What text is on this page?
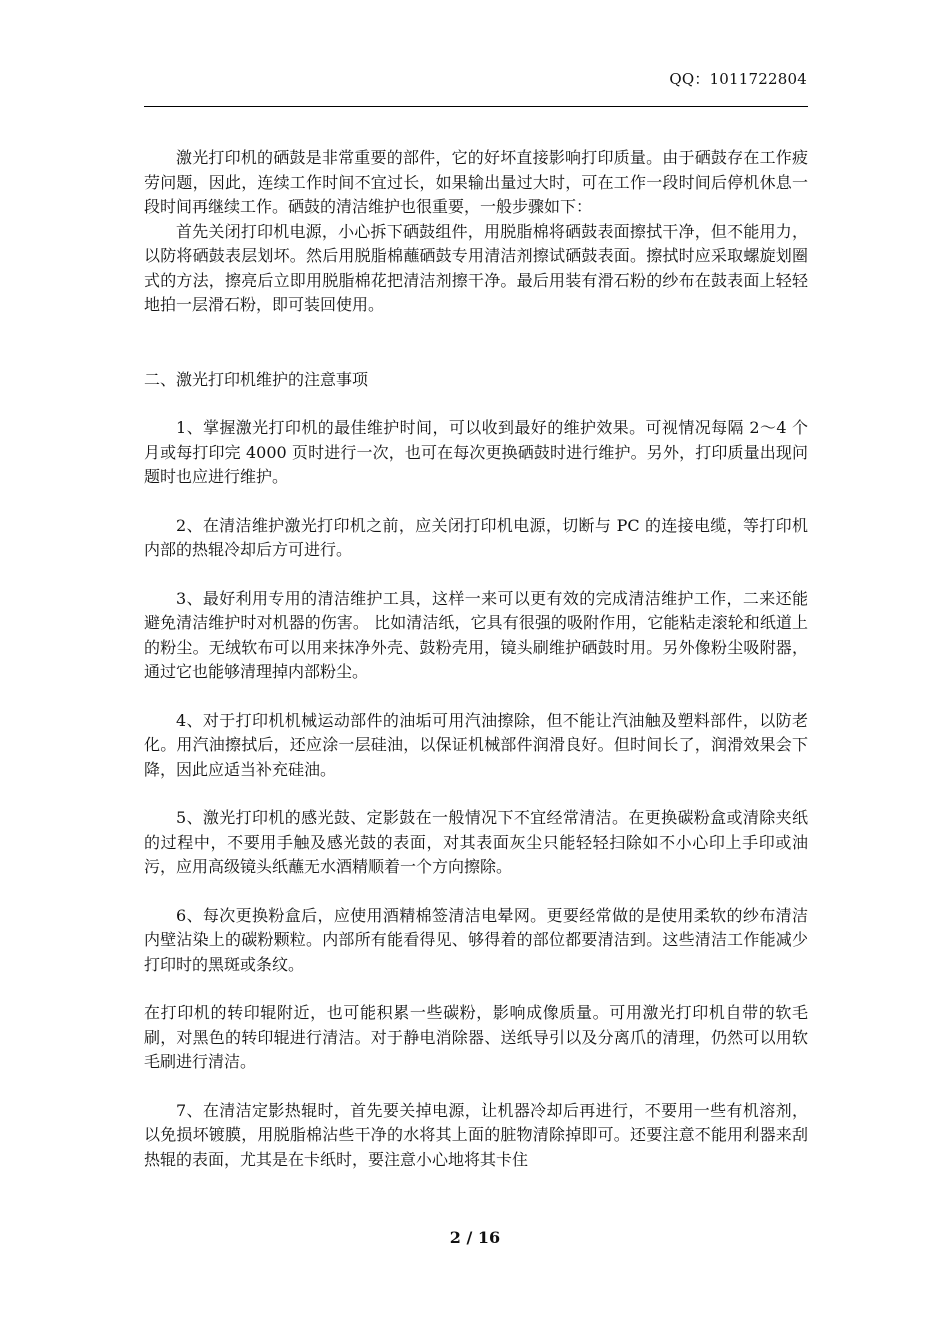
QQ：1011722804

激光打印机的硒鼓是非常重要的部件，它的好坏直接影响打印质量。由于硒鼓存在工作疲劳问题，因此，连续工作时间不宜过长，如果输出量过大时，可在工作一段时间后停机休息一段时间再继续工作。硒鼓的清洁维护也很重要，一般步骤如下：

首先关闭打印机电源，小心拆下硒鼓组件，用脱脂棉将硒鼓表面擦拭干净，但不能用力，以防将硒鼓表层划坏。然后用脱脂棉蘸硒鼓专用清洁剂擦试硒鼓表面。擦拭时应采取螺旋划圈式的方法，擦亮后立即用脱脂棉花把清洁剂擦干净。最后用装有滑石粉的纱布在鼓表面上轻轻地拍一层滑石粉，即可装回使用。

二、激光打印机维护的注意事项

1、掌握激光打印机的最佳维护时间，可以收到最好的维护效果。可视情况每隔 2～4 个月或每打印完 4000 页时进行一次，也可在每次更换硒鼓时进行维护。另外，打印质量出现问题时也应进行维护。

2、在清洁维护激光打印机之前，应关闭打印机电源，切断与 PC 的连接电缆，等打印机内部的热辊冷却后方可进行。

3、最好利用专用的清洁维护工具，这样一来可以更有效的完成清洁维护工作，二来还能避免清洁维护时对机器的伤害。 比如清洁纸，它具有很强的吸附作用，它能粘走滚轮和纸道上的粉尘。无绒软布可以用来抹净外壳、鼓粉壳用，镜头刷维护硒鼓时用。另外像粉尘吸附器，通过它也能够清理掉内部粉尘。

4、对于打印机机械运动部件的油垢可用汽油擦除，但不能让汽油触及塑料部件，以防老化。用汽油擦拭后，还应涂一层硅油，以保证机械部件润滑良好。但时间长了，润滑效果会下降，因此应适当补充硅油。

5、激光打印机的感光鼓、定影鼓在一般情况下不宜经常清洁。在更换碳粉盒或清除夹纸的过程中，不要用手触及感光鼓的表面，对其表面灰尘只能轻轻扫除如不小心印上手印或油污，应用高级镜头纸蘸无水酒精顺着一个方向擦除。

6、每次更换粉盒后，应使用酒精棉签清洁电晕网。更要经常做的是使用柔软的纱布清洁内壁沾染上的碳粉颗粒。内部所有能看得见、够得着的部位都要清洁到。这些清洁工作能减少打印时的黑斑或条纹。

在打印机的转印辊附近，也可能积累一些碳粉，影响成像质量。可用激光打印机自带的软毛刷，对黑色的转印辊进行清洁。对于静电消除器、送纸导引以及分离爪的清理，仍然可以用软毛刷进行清洁。

7、在清洁定影热辊时，首先要关掉电源，让机器冷却后再进行，不要用一些有机溶剂，以免损坏镀膜，用脱脂棉沾些干净的水将其上面的脏物清除掉即可。还要注意不能用利器来刮热辊的表面，尤其是在卡纸时，要注意小心地将其卡住

2 / 16
